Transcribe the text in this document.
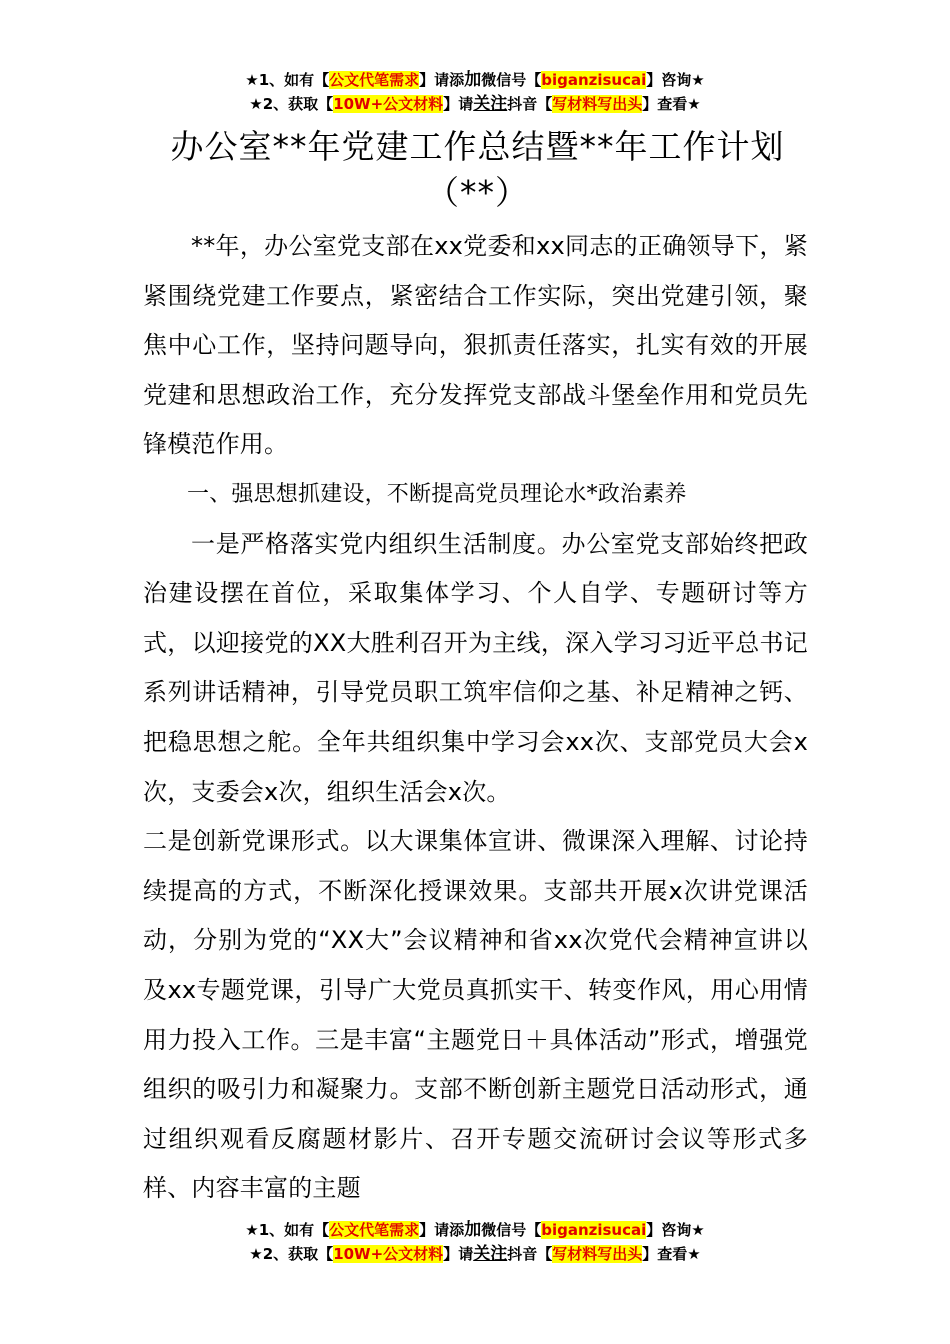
★1、如有【公文代笔需求】请添加微信号【biganzisucai】咨询★
★2、获取【10W+公文材料】请关注抖音【写材料写出头】查看★
办公室**年党建工作总结暨**年工作计划（**）

**年，办公室党支部在xx党委和xx同志的正确领导下，紧紧围绕党建工作要点，紧密结合工作实际，突出党建引领，聚焦中心工作，坚持问题导向，狠抓责任落实，扎实有效的开展党建和思想政治工作，充分发挥党支部战斗堡垒作用和党员先锋模范作用。

一、强思想抓建设，不断提高党员理论水*政治素养

一是严格落实党内组织生活制度。办公室党支部始终把政治建设摆在首位，采取集体学习、个人自学、专题研讨等方式，以迎接党的XX大胜利召开为主线，深入学习习近平总书记系列讲话精神，引导党员职工筑牢信仰之基、补足精神之钙、把稳思想之舵。全年共组织集中学习会xx次、支部党员大会x次，支委会x次，组织生活会x次。

二是创新党课形式。以大课集体宣讲、微课深入理解、讨论持续提高的方式，不断深化授课效果。支部共开展x次讲党课活动，分别为党的“XX大”会议精神和省xx次党代会精神宣讲以及xx专题党课，引导广大党员真抓实干、转变作风，用心用情用力投入工作。三是丰富“主题党日＋具体活动”形式，增强党组织的吸引力和凝聚力。支部不断创新主题党日活动形式，通过组织观看反腐题材影片、召开专题交流研讨会议等形式多样、内容丰富的主题

★1、如有【公文代笔需求】请添加微信号【biganzisucai】咨询★
★2、获取【10W+公文材料】请关注抖音【写材料写出头】查看★
